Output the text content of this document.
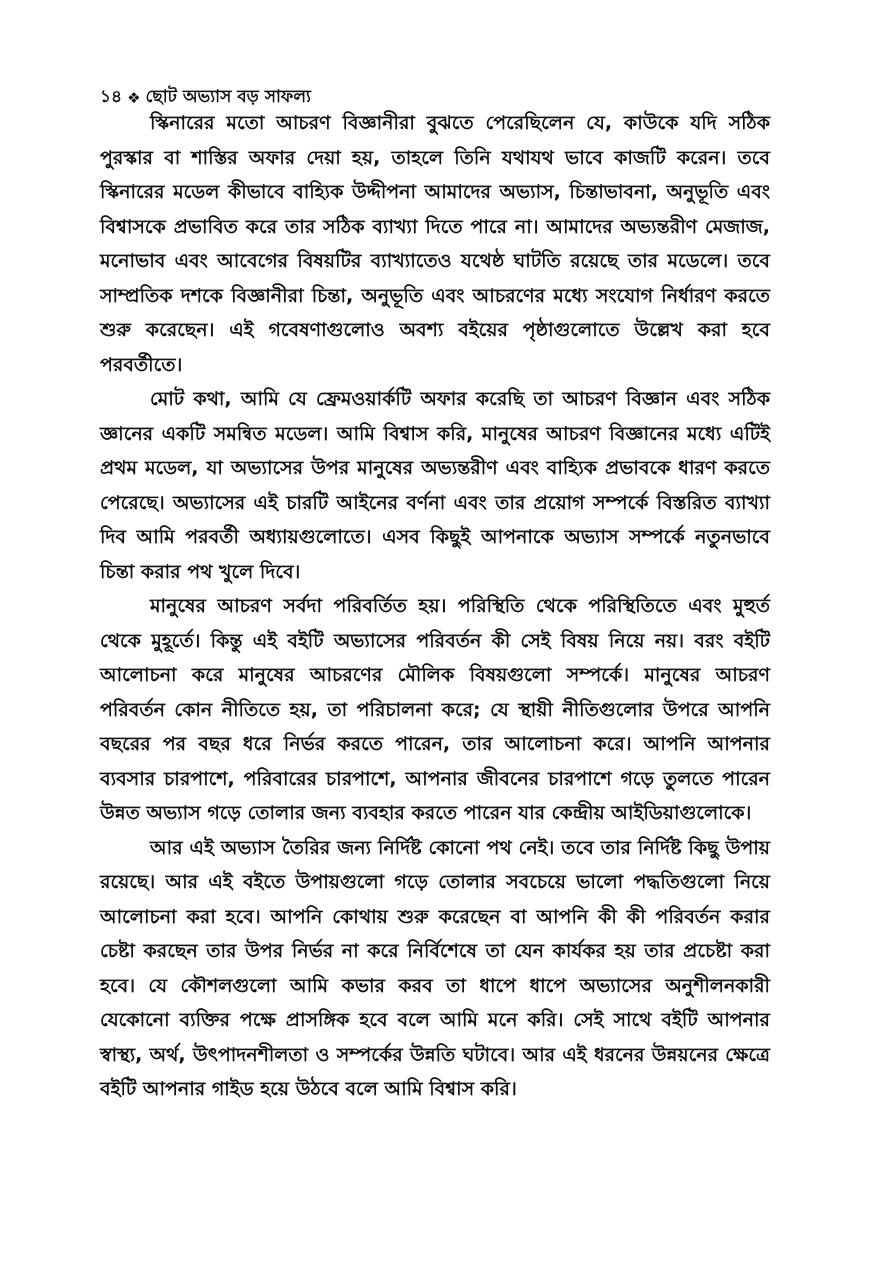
১৪ ❖ ছোট অভ্যাস বড় সাফল্য

স্কিনারের মতো আচরণ বিজ্ঞানীরা বুঝতে পেরেছিলেন যে, কাউকে যদি সঠিক পুরস্কার বা শাস্তির অফার দেয়া হয়, তাহলে তিনি যথাযথ ভাবে কাজটি করেন। তবে স্কিনারের মডেল কীভাবে বাহ্যিক উদ্দীপনা আমাদের অভ্যাস, চিন্তাভাবনা, অনুভূতি এবং বিশ্বাসকে প্রভাবিত করে তার সঠিক ব্যাখ্যা দিতে পারে না। আমাদের অভ্যন্তরীণ মেজাজ, মনোভাব এবং আবেগের বিষয়টির ব্যাখ্যাতেও যথেষ্ঠ ঘাটতি রয়েছে তার মডেলে। তবে সাম্প্রতিক দশকে বিজ্ঞানীরা চিন্তা, অনুভূতি এবং আচরণের মধ্যে সংযোগ নির্ধারণ করতে শুরু করেছেন। এই গবেষণাগুলোও অবশ্য বইয়ের পৃষ্ঠাগুলোতে উল্লেখ করা হবে পরবর্তীতে।

মোট কথা, আমি যে ফ্রেমওয়ার্কটি অফার করেছি তা আচরণ বিজ্ঞান এবং সঠিক জ্ঞানের একটি সমন্বিত মডেল। আমি বিশ্বাস করি, মানুষের আচরণ বিজ্ঞানের মধ্যে এটিই প্রথম মডেল, যা অভ্যাসের উপর মানুষের অভ্যন্তরীণ এবং বাহ্যিক প্রভাবকে ধারণ করতে পেরেছে। অভ্যাসের এই চারটি আইনের বর্ণনা এবং তার প্রয়োগ সম্পর্কে বিস্তরিত ব্যাখ্যা দিব আমি পরবর্তী অধ্যায়গুলোতে। এসব কিছুই আপনাকে অভ্যাস সম্পর্কে নতুনভাবে চিন্তা করার পথ খুলে দিবে।

মানুষের আচরণ সর্বদা পরিবর্তিত হয়। পরিস্থিতি থেকে পরিস্থিতিতে এবং মুহুর্ত থেকে মুহূর্তে। কিন্তু এই বইটি অভ্যাসের পরিবর্তন কী সেই বিষয় নিয়ে নয়। বরং বইটি আলোচনা করে মানুষের আচরণের মৌলিক বিষয়গুলো সম্পর্কে। মানুষের আচরণ পরিবর্তন কোন নীতিতে হয়, তা পরিচালনা করে; যে স্থায়ী নীতিগুলোর উপরে আপনি বছরের পর বছর ধরে নির্ভর করতে পারেন, তার আলোচনা করে। আপনি আপনার ব্যবসার চারপাশে, পরিবারের চারপাশে, আপনার জীবনের চারপাশে গড়ে তুলতে পারেন উন্নত অভ্যাস গড়ে তোলার জন্য ব্যবহার করতে পারেন যার কেন্দ্রীয় আইডিয়াগুলোকে।

আর এই অভ্যাস তৈরির জন্য নির্দিষ্ট কোনো পথ নেই। তবে তার নির্দিষ্ট কিছু উপায় রয়েছে। আর এই বইতে উপায়গুলো গড়ে তোলার সবচেয়ে ভালো পদ্ধতিগুলো নিয়ে আলোচনা করা হবে। আপনি কোথায় শুরু করেছেন বা আপনি কী কী পরিবর্তন করার চেষ্টা করছেন তার উপর নির্ভর না করে নির্বিশেষে তা যেন কার্যকর হয় তার প্রচেষ্টা করা হবে। যে কৌশলগুলো আমি কভার করব তা ধাপে ধাপে অভ্যাসের অনুশীলনকারী যেকোনো ব্যক্তির পক্ষে প্রাসঙ্গিক হবে বলে আমি মনে করি। সেই সাথে বইটি আপনার স্বাস্থ্য, অর্থ, উৎপাদনশীলতা ও সম্পর্কের উন্নতি ঘটাবে। আর এই ধরনের উন্নয়নের ক্ষেত্রে বইটি আপনার গাইড হয়ে উঠবে বলে আমি বিশ্বাস করি।
